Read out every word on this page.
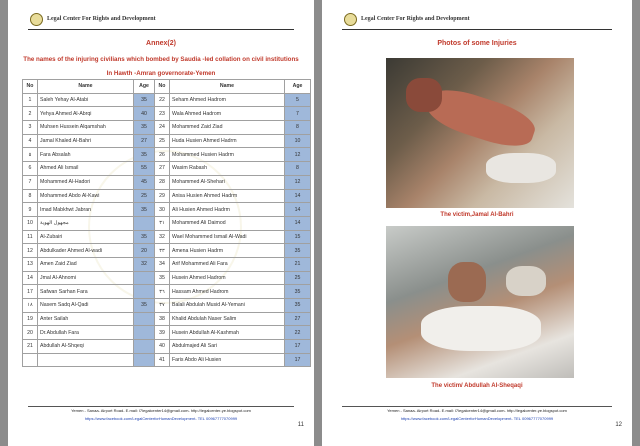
Legal Center For Rights and Development
Annex(2)
The names of the injuring civilians which bombed by Saudia -led collation on civil institutions
In Hawth -Amran governorate-Yemen
No	Name	Age	No	Name	Age
1	Saleh Yehay Al-Atabi	35	22	Seham Ahmed Hadrom	5
2	Yehya Ahmed Al-Abrqi	40	23	Wala Ahmed Hadrom	7
3	Muhsen Hussein Alqamshah	35	24	Mohammed Zaid Ziad	8
4	Jamal Khaled Al-Bahri	27	25	Huda Husien Ahmed Hadrm	10
٥	Fara Absalah	35	26	Mohammed Husien Hadrm	12
6	Ahmed Ali Ismail	55	27	Wasim Rabash	8
7	Mohammed Al-Hadori	45	28	Mohammed Al-Shehari	12
8	Mohammed Abdo Al-Kawi	25	29	Anisa Husien Ahmed Hadrm	14
9	Imad Mabkhwt Jabran	35	30	Ali Husien Ahmed Hadrm	14
10	مجهول الهوية		٣١	Mohammed Ali Daimod	14
11	Al-Zubairi	35	32	Wael Mohammed Ismail Al-Wadi	15
12	Abdulkader Ahmed Al-wadi	20	٣٣	Amena Husien Hadrm	35
13	Amen Zaid Ziad	32	34	Arif Mohammed Ali Fara	21
14	Jmal Al-Ahnomi		35	Husein Ahmed Hadrom	25
17	Safwan Sarhan Fara		٣٦	Hassam Ahmed Hadrom	35
١٨	Nasem Sadq Al-Qadi	35	٣٧	Balali Abdulah Musid Al-Yemani	35
19	Anter Sailah		38	Khalid Abdulah Naser Salim	27
20	Dr.Abdullah Fara		39	Husein Abdullah Al-Kashmah	22
21	Abdullah Al-Shqeqi		40	Abdulmajed Ali Sari	17
			41	Faris Abdo Ali Husien	17
Yemen - Sanaa- Airport Road- E.mail: l7legalcenter14@gmail.com- http://legalcenter-ye.blogspot.com
https://www.facebook.com/LegalCenterforHumanDevelopment- TEL 00967777070999
11
Legal Center For Rights and Development
Photos of some Injuries
The victim,Jamal Al-Bahri
The victim/ Abdullah Al-Sheqaqi
Yemen - Sanaa- Airport Road- E.mail: l7legalcenter14@gmail.com- http://legalcenter-ye.blogspot.com
https://www.facebook.com/LegalCenterforHumanDevelopment- TEL 00967777070999
12
